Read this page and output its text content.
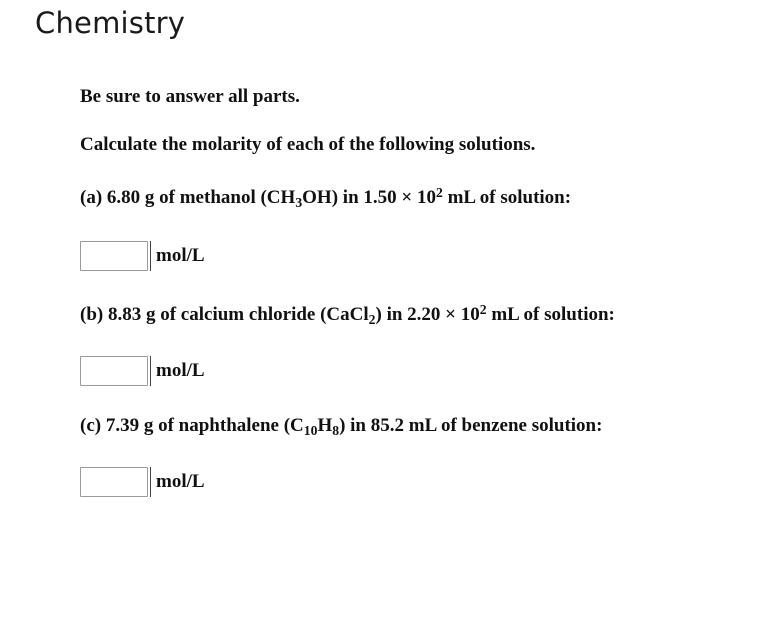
Chemistry
Be sure to answer all parts.
Calculate the molarity of each of the following solutions.
(a) 6.80 g of methanol $(CH_3OH)$ in $1.50 \times 10^2$ mL of solution:
mol/L
(b) 8.83 g of calcium chloride (CaCl$_2$) in $2.20 \times 10^2$ mL of solution:
mol/L
(c) 7.39 g of naphthalene $(C_{10}H_8)$ in 85.2 mL of benzene solution:
mol/L
